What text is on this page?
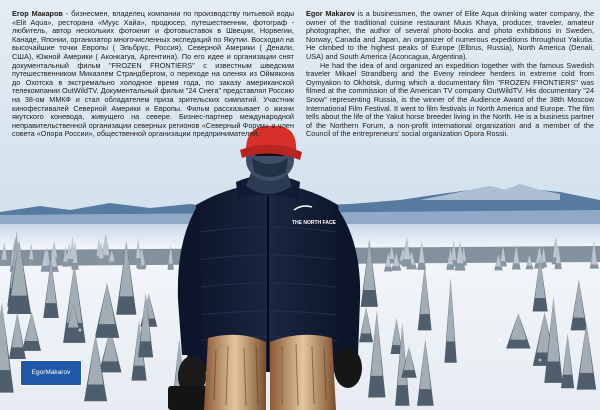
THE NORTH FACE

Егор Макаров - бизнесмен, владелец компании по производству питьевой воды «Elit Aqua», ресторана «Муус Хайа», продюсер, путешественник, фотограф - любитель, автор нескольких фотокниг и фотовыставок в Швеции, Норвегии, Канаде, Японии, организатор многочисленных экспедиций по Якутии. Восходил на высочайшие точки Европы ( Эльбрус, Россия), Северной Америки ( Денали, США), Южной Америки ( Аконкагуа, Аргентина). По его идее и организации снят документальный фильм "FROZEN FRONTIERS" с известным шведским путешественником Микаэлем Страндбергом, о переходе на оленях из Оймякона до Охотска в экстремально холодное время года, по заказу американской телекомпании OutWildTV. Документальный фильм "24 Снега" представлял Россию на 38-ом ММКФ и стал обладателем приза зрительских симпатий. Участник кинофестивалей Северной Америки и Европы. Фильм рассказывает о жизни якутского коневода, живущего на севере. Бизнес-партнер международной неправительственной организации северных регионов «Северный Форум» и член совета «Опора России», общественной организации предпринимателей.

Egor Makarov is a businessmen, the owner of Elite Aqua drinking water company, the owner of the traditional cuisine restaurant Muus Khaya, producer, traveler, amateur photographer, the author of several photo-books and photo exhibitions in Sweden, Norway, Canada and Japan, an organizer of numerous expeditions throughout Yakutia. He climbed to the highest peaks of Europe (Elbrus, Russia), North America (Denali, USA) and South America (Aconcagua, Argentina).

He had the idea of and organized an expedition together with the famous Swedish traveler Mikael Strandberg and the Eveny reindeer herders in extreme cold from Oymyakon to Okhotsk, during which a documentary film "FROZEN FRONTIERS" was filmed at the commission of the American TV company OutWildTV. His documentary "24 Snow" representing Russia, is the winner of the Audience Award of the 38th Moscow International Film Festival. It went to film festivals in North America and Europe. The film tells about the life of the Yakut horse breeder living in the North. He is a business partner of the Northern Forum, a non-profit international organization and a member of the Council of the entrepreneurs' social organization Opora Rossii.

EgorMakarov
